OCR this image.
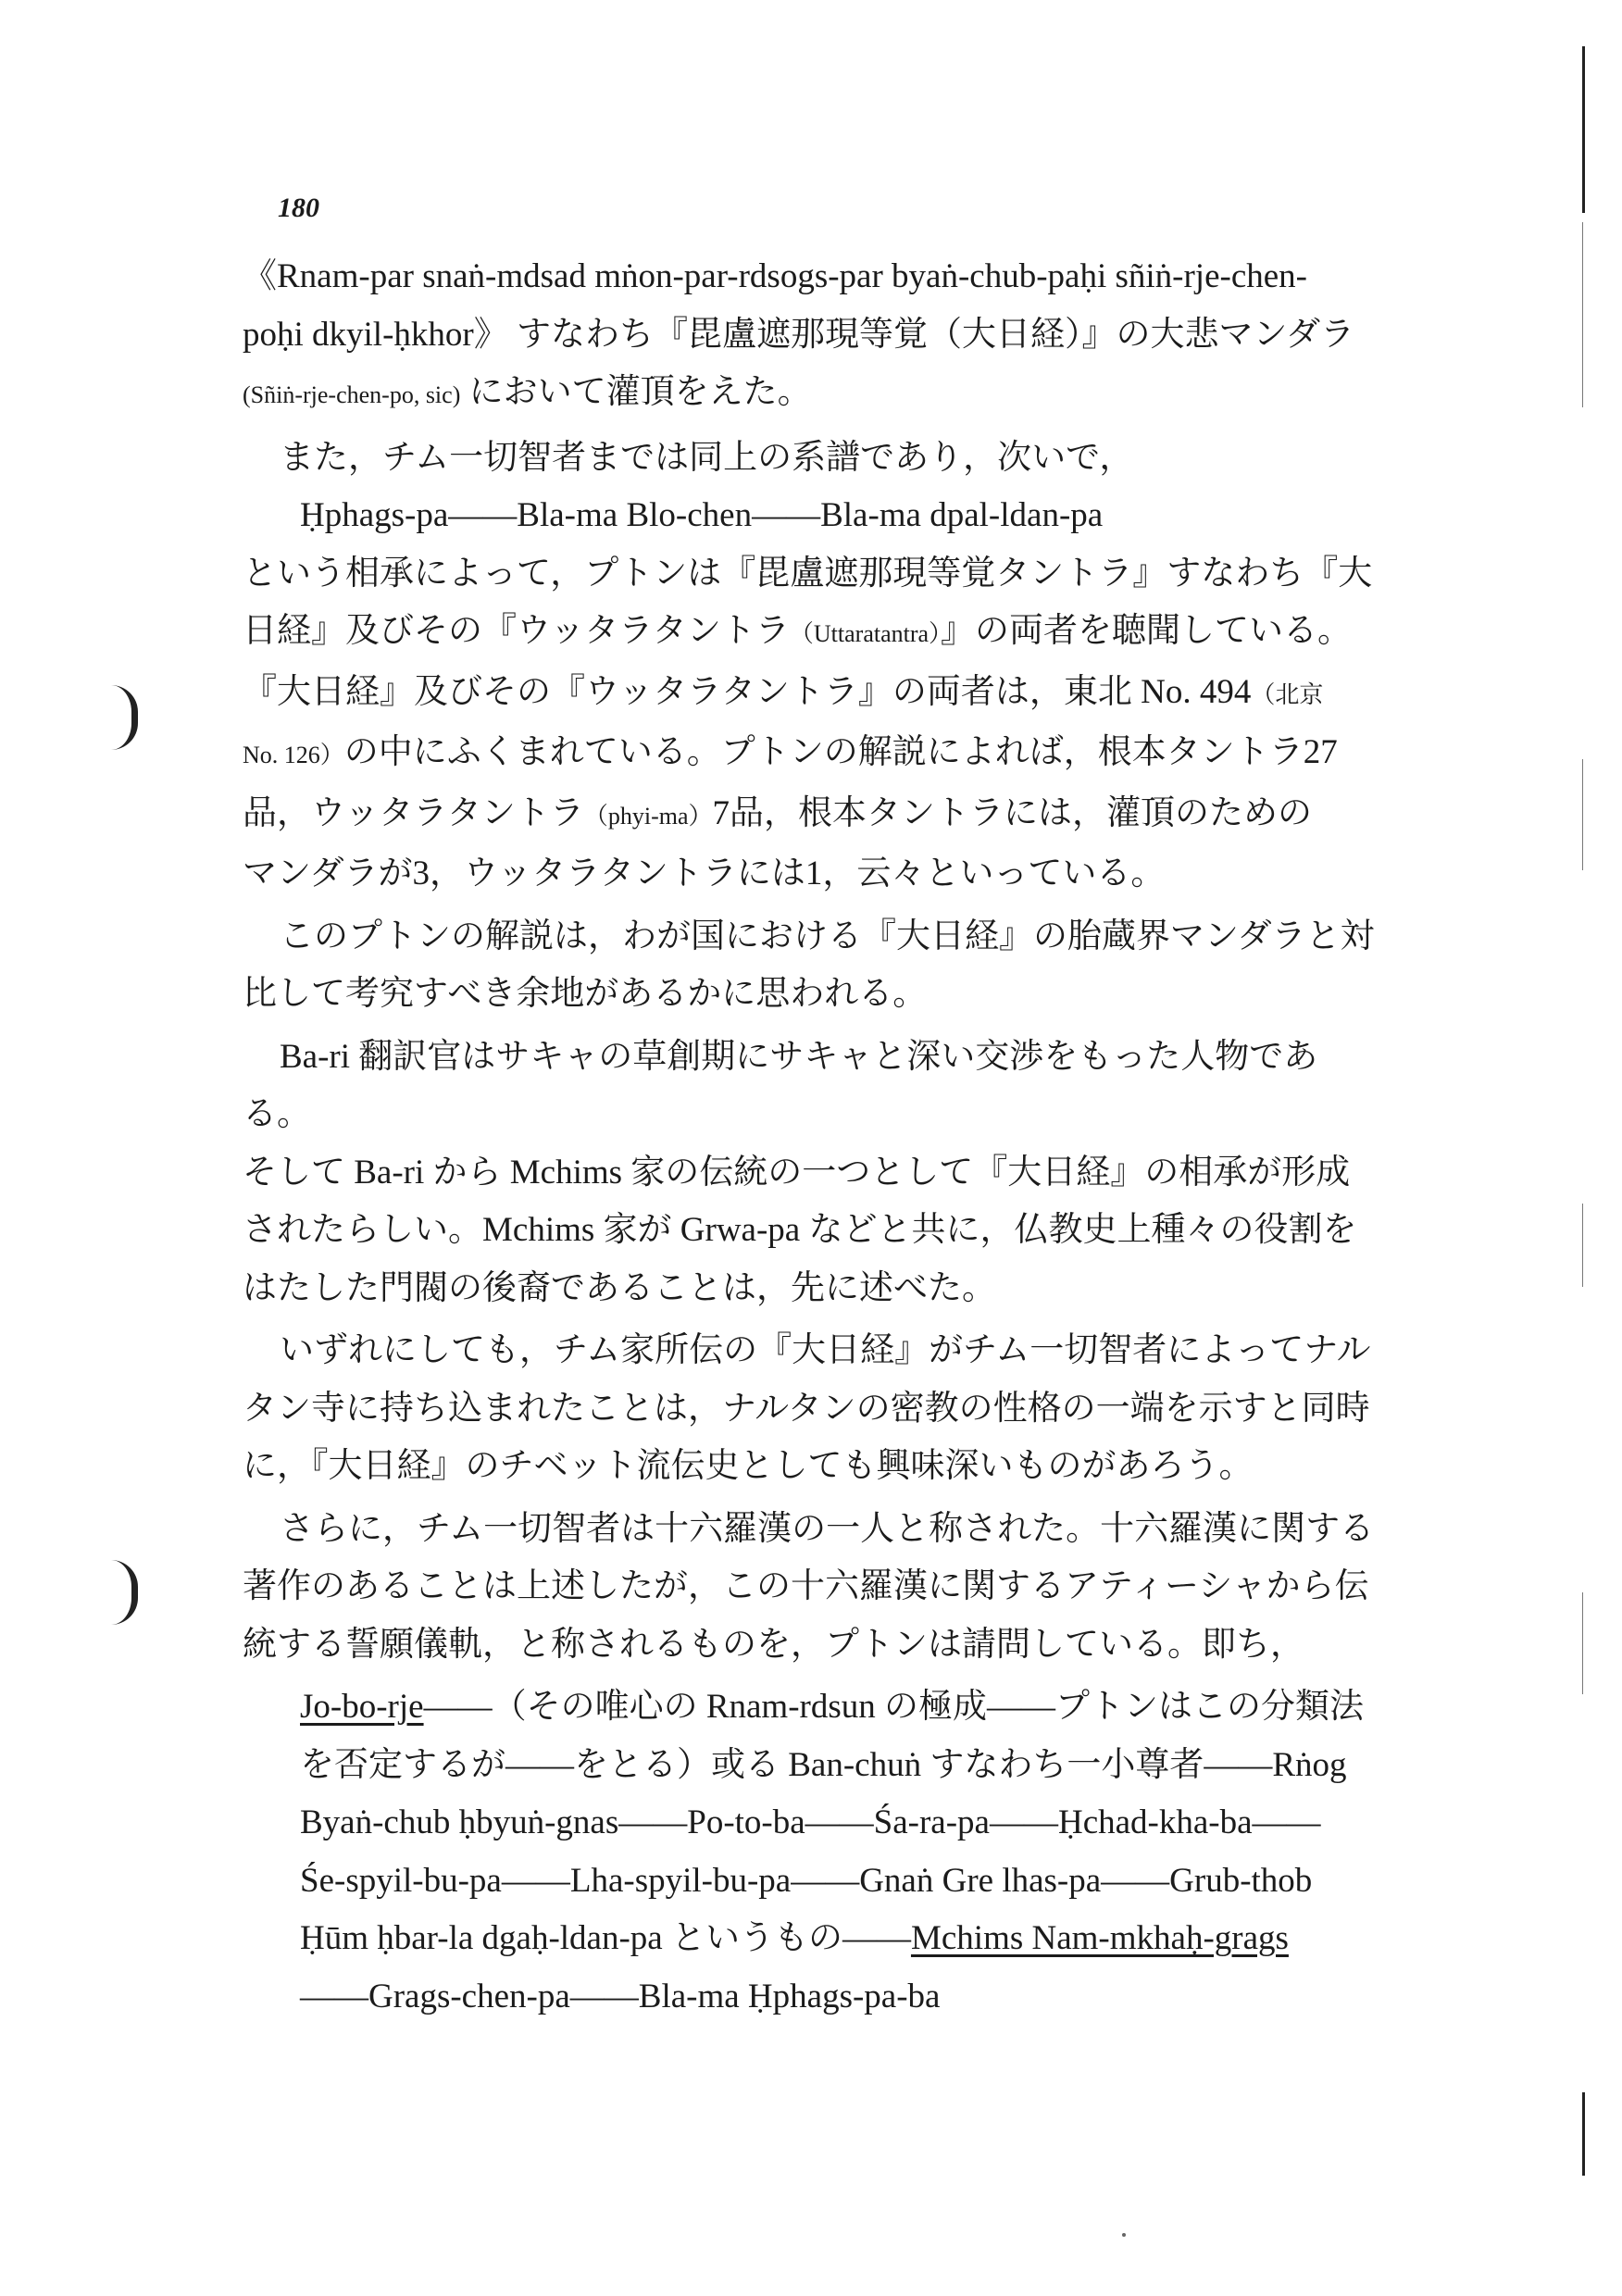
180
《Rnam-par snaṅ-mdsad mṅon-par-rdsogs-par byaṅ-chub-paḥi sñiṅ-rje-chen-
poḥi dkyil-ḥkhor》 すなわち『毘盧遮那現等覚（大日経）』の大悲マンダラ
(Sñiṅ-rje-chen-po, sic) において灌頂をえた。
また，チム一切智者までは同上の系譜であり，次いで，
Ḥphags-pa――Bla-ma Blo-chen――Bla-ma dpal-ldan-pa
という相承によって，プトンは『毘盧遮那現等覚タントラ』すなわち『大
日経』及びその『ウッタラタントラ（Uttaratantra）』の両者を聴聞している。
『大日経』及びその『ウッタラタントラ』の両者は，東北 No. 494（北京
No. 126）の中にふくまれている。プトンの解説によれば，根本タントラ27
品，ウッタラタントラ（phyi-ma）7品，根本タントラには，灌頂のための
マンダラが3，ウッタラタントラには1，云々といっている。
このプトンの解説は，わが国における『大日経』の胎蔵界マンダラと対
比して考究すべき余地があるかに思われる。
Ba-ri 翻訳官はサキャの草創期にサキャと深い交渉をもった人物である。
そして Ba-ri から Mchims 家の伝統の一つとして『大日経』の相承が形成
されたらしい。Mchims 家が Grwa-pa などと共に，仏教史上種々の役割を
はたした門閥の後裔であることは，先に述べた。
いずれにしても，チム家所伝の『大日経』がチム一切智者によってナル
タン寺に持ち込まれたことは，ナルタンの密教の性格の一端を示すと同時
に，『大日経』のチベット流伝史としても興味深いものがあろう。
さらに，チム一切智者は十六羅漢の一人と称された。十六羅漢に関する
著作のあることは上述したが，この十六羅漢に関するアティーシャから伝
統する誓願儀軌，と称されるものを，プトンは請問している。即ち，
Jo-bo-rje――（その唯心の Rnam-rdsun の極成――プトンはこの分類法
を否定するが――をとる）或る Ban-chuṅ すなわち一小尊者――Rṅog
Byaṅ-chub ḥbyuṅ-gnas――Po-to-ba――Śa-ra-pa――Ḥchad-kha-ba――
Śe-spyil-bu-pa――Lha-spyil-bu-pa――Gnaṅ Gre lhas-pa――Grub-thob
Ḥūm ḥbar-la dgaḥ-ldan-pa というもの――Mchims Nam-mkhaḥ-grags
――Grags-chen-pa――Bla-ma Ḥphags-pa-ba
